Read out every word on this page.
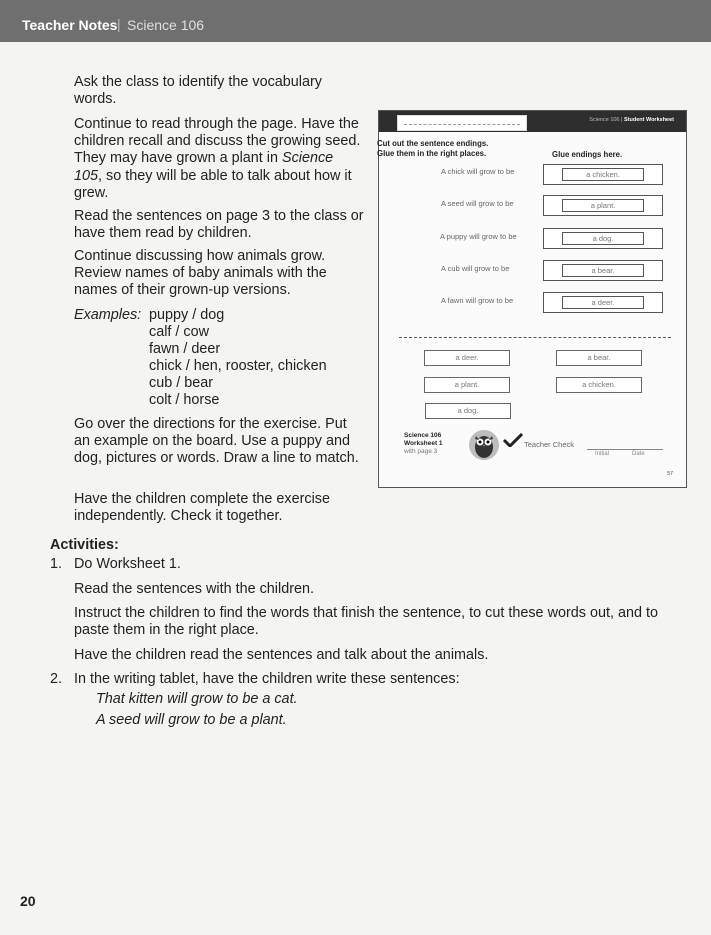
Teacher Notes | Science 106
Ask the class to identify the vocabulary words.
Continue to read through the page. Have the children recall and discuss the growing seed. They may have grown a plant in Science 105, so they will be able to talk about how it grew.
Read the sentences on page 3 to the class or have them read by children.
Continue discussing how animals grow. Review names of baby animals with the names of their grown-up versions.
Examples: puppy / dog
calf / cow
fawn / deer
chick / hen, rooster, chicken
cub / bear
colt / horse
Go over the directions for the exercise. Put an example on the board. Use a puppy and dog, pictures or words. Draw a line to match.
Have the children complete the exercise independently. Check it together.
Activities:
1. Do Worksheet 1.
Read the sentences with the children.
Instruct the children to find the words that finish the sentence, to cut these words out, and to paste them in the right place.
Have the children read the sentences and talk about the animals.
2. In the writing tablet, have the children write these sentences:
That kitten will grow to be a cat.
A seed will grow to be a plant.
20
Science 106 | Student Worksheet
Cut out the sentence endings.
Glue them in the right places.	Glue endings here.
A chick will grow to be	a chicken.
A seed will grow to be	a plant.
A puppy will grow to be	a dog.
A cub will grow to be	a bear.
A fawn will grow to be	a deer.
a deer.	a bear.
a plant.	a chicken.
a dog.
Science 106
Worksheet 1
with page 3
Teacher Check
Initial	Date
57
